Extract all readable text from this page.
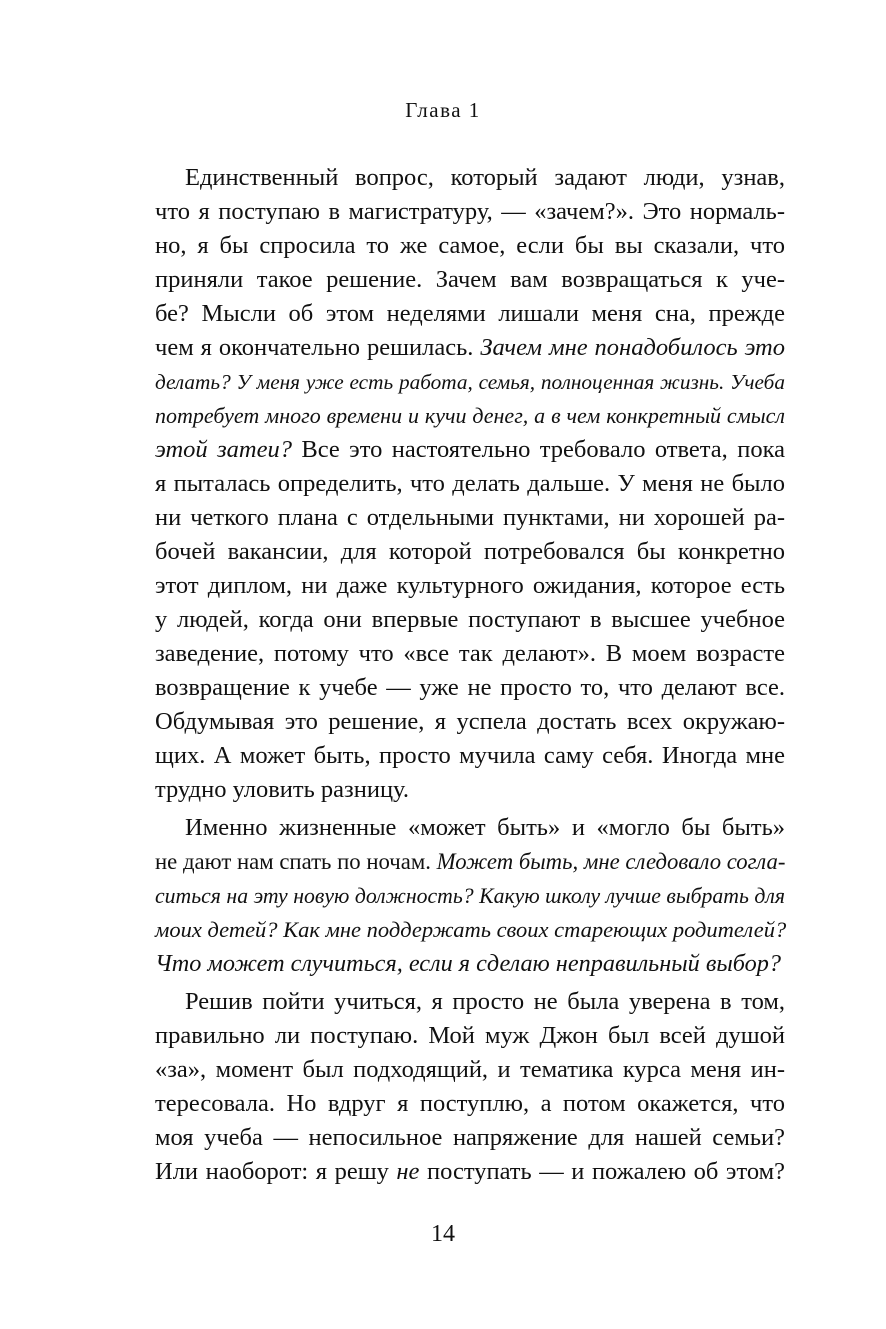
Глава 1
Единственный вопрос, который задают люди, узнав,
что я поступаю в магистратуру, — «зачем?». Это нормаль-
но, я бы спросила то же самое, если бы вы сказали, что
приняли такое решение. Зачем вам возвращаться к уче-
бе? Мысли об этом неделями лишали меня сна, прежде
чем я окончательно решилась. Зачем мне понадобилось это
делать? У меня уже есть работа, семья, полноценная жизнь. Учеба
потребует много времени и кучи денег, а в чем конкретный смысл
этой затеи? Все это настоятельно требовало ответа, пока
я пыталась определить, что делать дальше. У меня не было
ни четкого плана с отдельными пунктами, ни хорошей ра-
бочей вакансии, для которой потребовался бы конкретно
этот диплом, ни даже культурного ожидания, которое есть
у людей, когда они впервые поступают в высшее учебное
заведение, потому что «все так делают». В моем возрасте
возвращение к учебе — уже не просто то, что делают все.
Обдумывая это решение, я успела достать всех окружаю-
щих. А может быть, просто мучила саму себя. Иногда мне
трудно уловить разницу.
Именно жизненные «может быть» и «могло бы быть»
не дают нам спать по ночам. Может быть, мне следовало согла-
ситься на эту новую должность? Какую школу лучше выбрать для
моих детей? Как мне поддержать своих стареющих родителей?
Что может случиться, если я сделаю неправильный выбор?
Решив пойти учиться, я просто не была уверена в том,
правильно ли поступаю. Мой муж Джон был всей душой
«за», момент был подходящий, и тематика курса меня ин-
тересовала. Но вдруг я поступлю, а потом окажется, что
моя учеба — непосильное напряжение для нашей семьи?
Или наоборот: я решу не поступать — и пожалею об этом?
14
